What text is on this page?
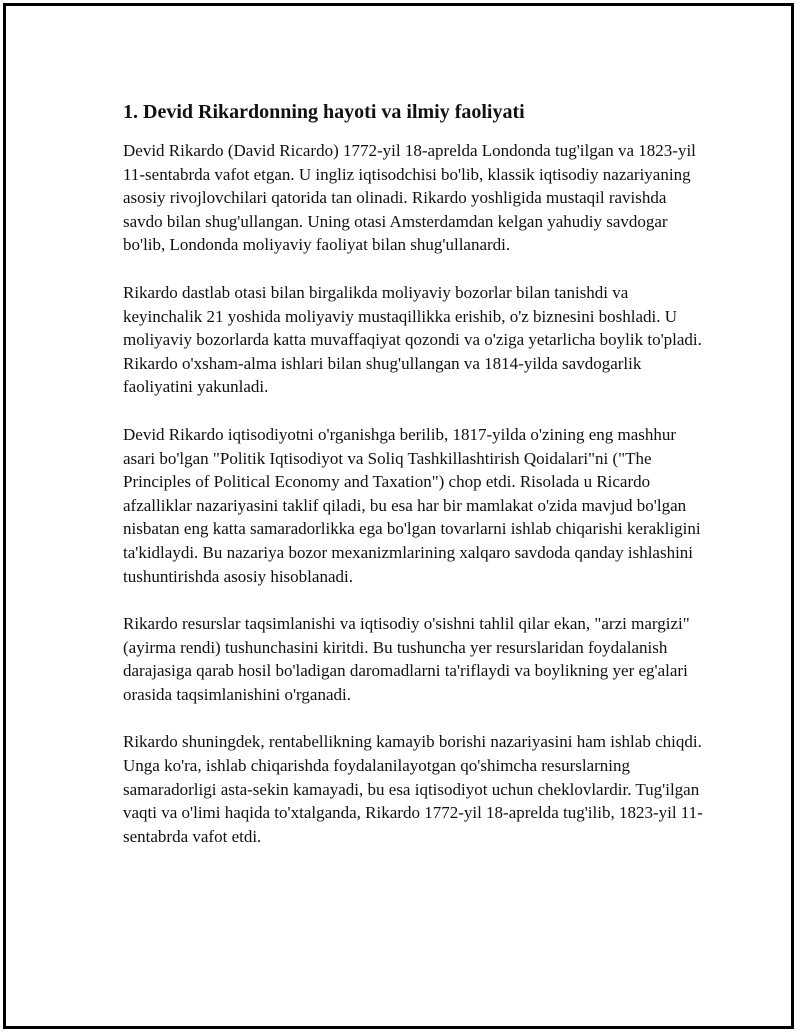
1. Devid Rikardonning hayoti va ilmiy faoliyati

Devid Rikardo (David Ricardo) 1772-yil 18-aprelda Londonda tug'ilgan va 1823-yil 11-sentabrda vafot etgan. U ingliz iqtisodchisi bo'lib, klassik iqtisodiy nazariyaning asosiy rivojlovchilari qatorida tan olinadi. Rikardo yoshligida mustaqil ravishda savdo bilan shug'ullangan. Uning otasi Amsterdamdan kelgan yahudiy savdogar bo'lib, Londonda moliyaviy faoliyat bilan shug'ullanardi.

Rikardo dastlab otasi bilan birgalikda moliyaviy bozorlar bilan tanishdi va keyinchalik 21 yoshida moliyaviy mustaqillikka erishib, o'z biznesini boshladi. U moliyaviy bozorlarda katta muvaffaqiyat qozondi va o'ziga yetarlicha boylik to'pladi. Rikardo o'xsham-alma ishlari bilan shug'ullangan va 1814-yilda savdogarlik faoliyatini yakunladi.

Devid Rikardo iqtisodiyotni o'rganishga berilib, 1817-yilda o'zining eng mashhur asari bo'lgan "Politik Iqtisodiyot va Soliq Tashkillashtirish Qoidalari"ni ("The Principles of Political Economy and Taxation") chop etdi. Risolada u Ricardo afzalliklar nazariyasini taklif qiladi, bu esa har bir mamlakat o'zida mavjud bo'lgan nisbatan eng katta samaradorlikka ega bo'lgan tovarlarni ishlab chiqarishi kerakligini ta'kidlaydi. Bu nazariya bozor mexanizmlarining xalqaro savdoda qanday ishlashini tushuntirishda asosiy hisoblanadi.

Rikardo resurslar taqsimlanishi va iqtisodiy o'sishni tahlil qilar ekan, "arzi margizi" (ayirma rendi) tushunchasini kiritdi. Bu tushuncha yer resurslaridan foydalanish darajasiga qarab hosil bo'ladigan daromadlarni ta'riflaydi va boylikning yer eg'alari orasida taqsimlanishini o'rganadi.

Rikardo shuningdek, rentabellikning kamayib borishi nazariyasini ham ishlab chiqdi. Unga ko'ra, ishlab chiqarishda foydalanilayotgan qo'shimcha resurslarning samaradorligi asta-sekin kamayadi, bu esa iqtisodiyot uchun cheklovlardir. Tug'ilgan vaqti va o'limi haqida to'xtalganda, Rikardo 1772-yil 18-aprelda tug'ilib, 1823-yil 11-sentabrda vafot etdi.
